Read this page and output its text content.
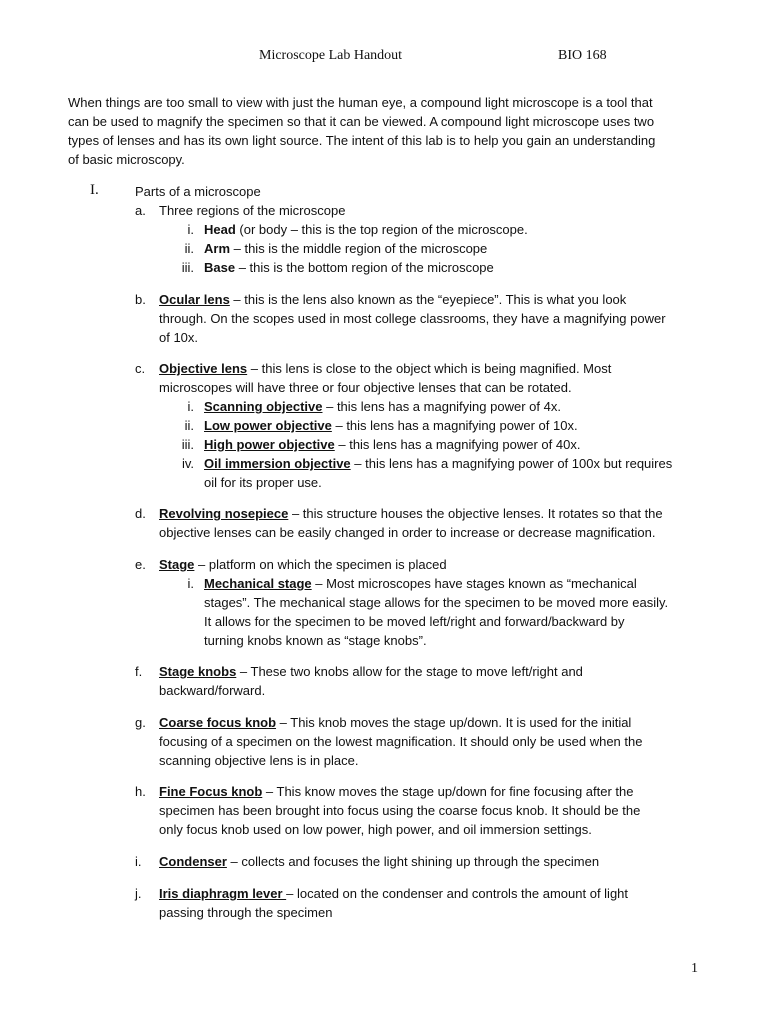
Microscope Lab Handout	BIO 168
When things are too small to view with just the human eye, a compound light microscope is a tool that
can be used to magnify the specimen so that it can be viewed. A compound light microscope uses two
types of lenses and has its own light source. The intent of this lab is to help you gain an understanding
of basic microscopy.
I.	Parts of a microscope
a. Three regions of the microscope
i. Head (or body – this is the top region of the microscope.
ii. Arm – this is the middle region of the microscope
iii. Base – this is the bottom region of the microscope
b. Ocular lens – this is the lens also known as the “eyepiece”. This is what you look
through. On the scopes used in most college classrooms, they have a magnifying power
of 10x.
c. Objective lens – this lens is close to the object which is being magnified. Most
microscopes will have three or four objective lenses that can be rotated.
i. Scanning objective – this lens has a magnifying power of 4x.
ii. Low power objective – this lens has a magnifying power of 10x.
iii. High power objective – this lens has a magnifying power of 40x.
iv. Oil immersion objective – this lens has a magnifying power of 100x but requires
oil for its proper use.
d. Revolving nosepiece – this structure houses the objective lenses. It rotates so that the
objective lenses can be easily changed in order to increase or decrease magnification.
e. Stage – platform on which the specimen is placed
i. Mechanical stage – Most microscopes have stages known as “mechanical
stages”. The mechanical stage allows for the specimen to be moved more easily.
It allows for the specimen to be moved left/right and forward/backward by
turning knobs known as “stage knobs”.
f. Stage knobs – These two knobs allow for the stage to move left/right and
backward/forward.
g. Coarse focus knob – This knob moves the stage up/down. It is used for the initial
focusing of a specimen on the lowest magnification. It should only be used when the
scanning objective lens is in place.
h. Fine Focus knob – This know moves the stage up/down for fine focusing after the
specimen has been brought into focus using the coarse focus knob. It should be the
only focus knob used on low power, high power, and oil immersion settings.
i. Condenser – collects and focuses the light shining up through the specimen
j. Iris diaphragm lever – located on the condenser and controls the amount of light
passing through the specimen
1
